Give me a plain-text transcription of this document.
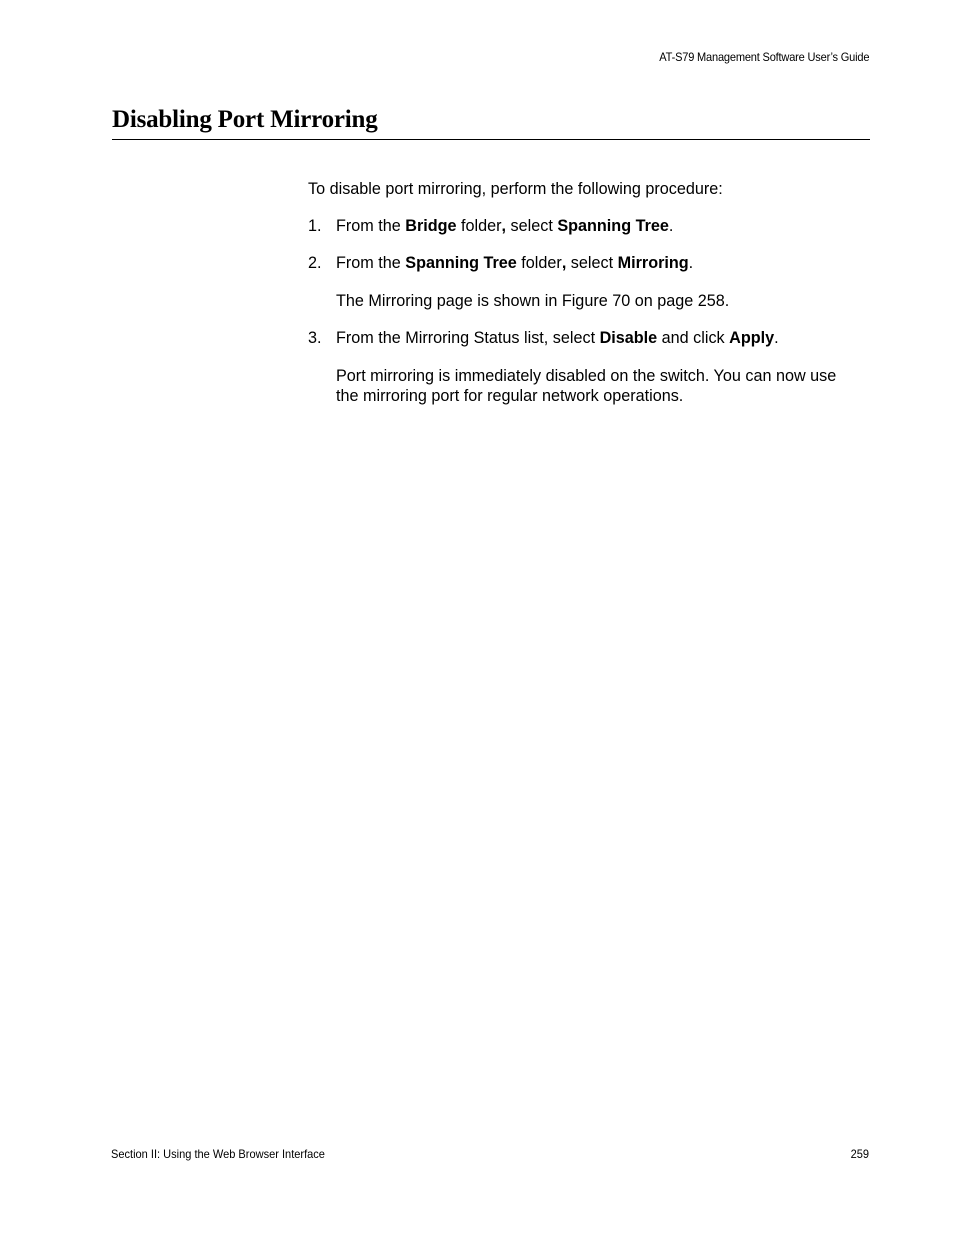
AT-S79 Management Software User’s Guide
Disabling Port Mirroring
To disable port mirroring, perform the following procedure:
1. From the Bridge folder, select Spanning Tree.
2. From the Spanning Tree folder, select Mirroring.
The Mirroring page is shown in Figure 70 on page 258.
3. From the Mirroring Status list, select Disable and click Apply.
Port mirroring is immediately disabled on the switch. You can now use
the mirroring port for regular network operations.
Section II: Using the Web Browser Interface	259
